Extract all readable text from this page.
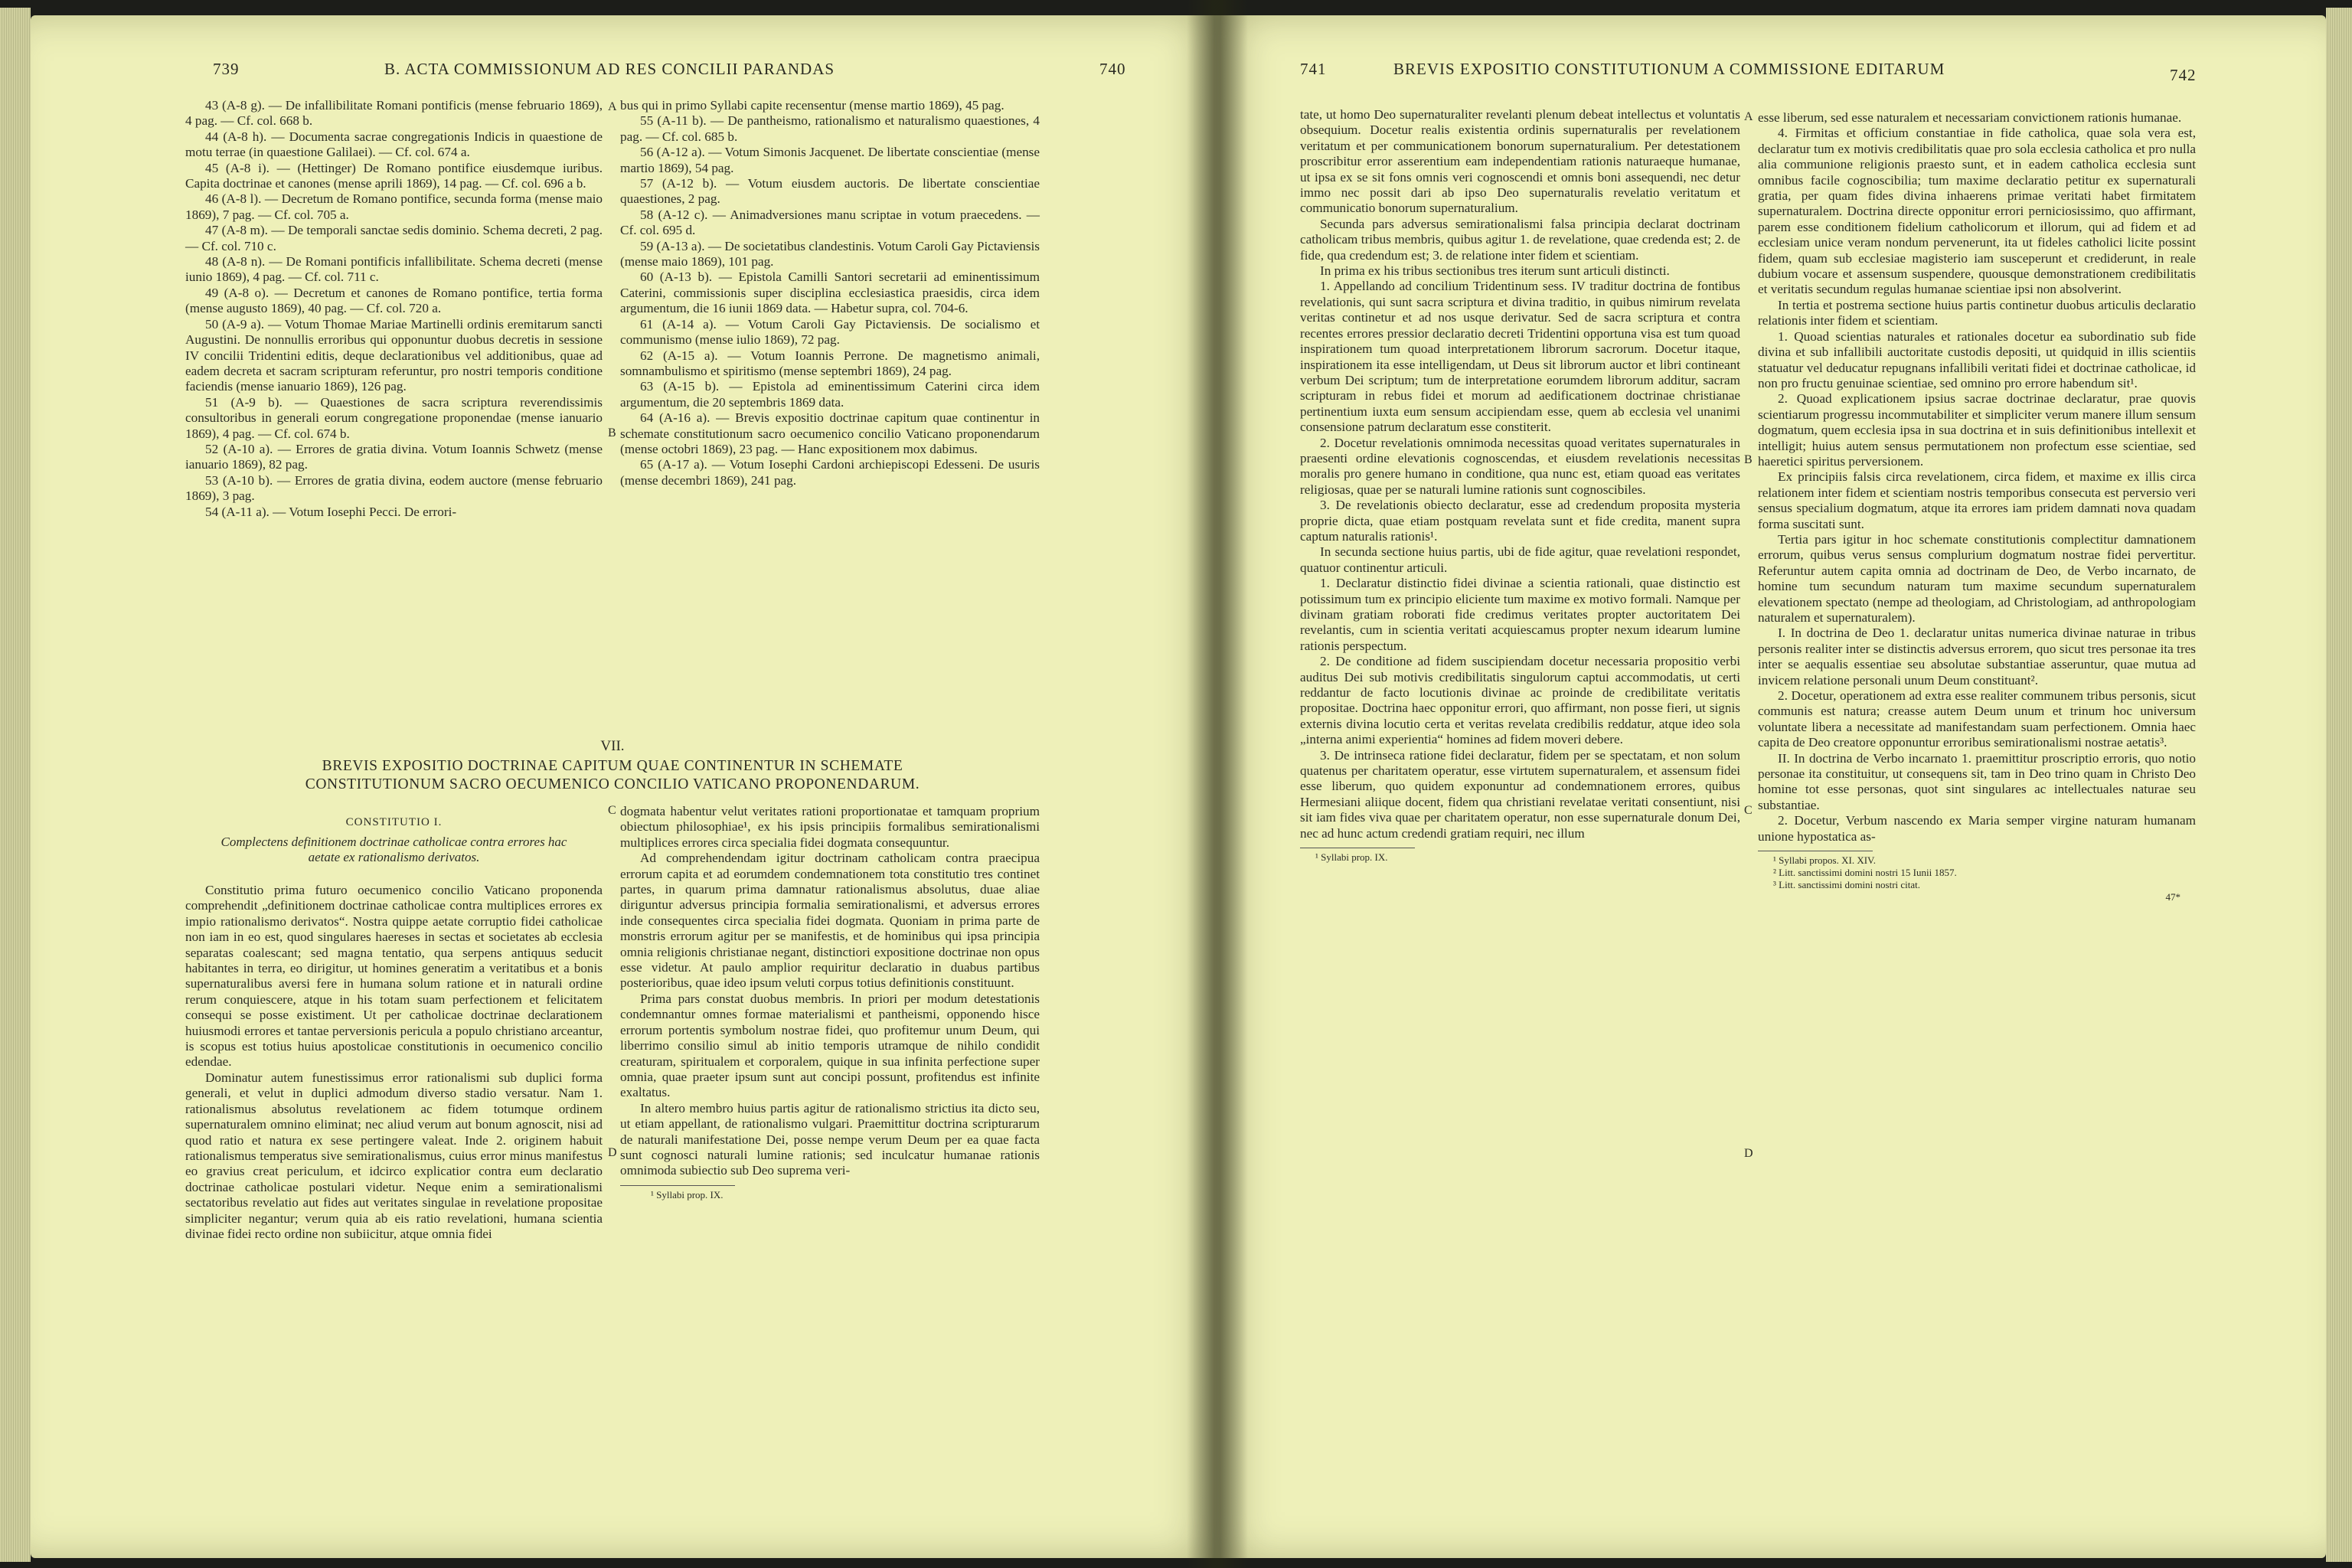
739	B. ACTA COMMISSIONUM AD RES CONCILII PARANDAS	740

43 (A-8 g). — De infallibilitate Romani pontificis (mense februario 1869), 4 pag. — Cf. col. 668 b.

44 (A-8 h). — Documenta sacrae congregationis Indicis in quaestione de motu terrae (in quaestione Galilaei). — Cf. col. 674 a.

45 (A-8 i). — (Hettinger) De Romano pontifice eiusdemque iuribus. Capita doctrinae et canones (mense aprili 1869), 14 pag. — Cf. col. 696 a b.

46 (A-8 l). — Decretum de Romano pontifice, secunda forma (mense maio 1869), 7 pag. — Cf. col. 705 a.

47 (A-8 m). — De temporali sanctae sedis dominio. Schema decreti, 2 pag. — Cf. col. 710 c.

48 (A-8 n). — De Romani pontificis infallibilitate. Schema decreti (mense iunio 1869), 4 pag. — Cf. col. 711 c.

49 (A-8 o). — Decretum et canones de Romano pontifice, tertia forma (mense augusto 1869), 40 pag. — Cf. col. 720 a.

50 (A-9 a). — Votum Thomae Mariae Martinelli ordinis eremitarum sancti Augustini. De nonnullis erroribus qui opponuntur duobus decretis in sessione IV concilii Tridentini editis, deque declarationibus vel additionibus, quae ad eadem decreta et sacram scripturam referuntur, pro nostri temporis conditione faciendis (mense ianuario 1869), 126 pag.

51 (A-9 b). — Quaestiones de sacra scriptura reverendissimis consultoribus in generali eorum congregatione proponendae (mense ianuario 1869), 4 pag. — Cf. col. 674 b.

52 (A-10 a). — Errores de gratia divina. Votum Ioannis Schwetz (mense ianuario 1869), 82 pag.

53 (A-10 b). — Errores de gratia divina, eodem auctore (mense februario 1869), 3 pag.

54 (A-11 a). — Votum Iosephi Pecci. De errori-

A
B

bus qui in primo Syllabi capite recensentur (mense martio 1869), 45 pag.

55 (A-11 b). — De pantheismo, rationalismo et naturalismo quaestiones, 4 pag. — Cf. col. 685 b.

56 (A-12 a). — Votum Simonis Jacquenet. De libertate conscientiae (mense martio 1869), 54 pag.

57 (A-12 b). — Votum eiusdem auctoris. De libertate conscientiae quaestiones, 2 pag.

58 (A-12 c). — Animadversiones manu scriptae in votum praecedens. — Cf. col. 695 d.

59 (A-13 a). — De societatibus clandestinis. Votum Caroli Gay Pictaviensis (mense maio 1869), 101 pag.

60 (A-13 b). — Epistola Camilli Santori secretarii ad eminentissimum Caterini, commissionis super disciplina ecclesiastica praesidis, circa idem argumentum, die 16 iunii 1869 data. — Habetur supra, col. 704-6.

61 (A-14 a). — Votum Caroli Gay Pictaviensis. De socialismo et communismo (mense iulio 1869), 72 pag.

62 (A-15 a). — Votum Ioannis Perrone. De magnetismo animali, somnambulismo et spiritismo (mense septembri 1869), 24 pag.

63 (A-15 b). — Epistola ad eminentissimum Caterini circa idem argumentum, die 20 septembris 1869 data.

64 (A-16 a). — Brevis expositio doctrinae capitum quae continentur in schemate constitutionum sacro oecumenico concilio Vaticano proponendarum (mense octobri 1869), 23 pag. — Hanc expositionem mox dabimus.

65 (A-17 a). — Votum Iosephi Cardoni archiepiscopi Edesseni. De usuris (mense decembri 1869), 241 pag.

VII.
BREVIS EXPOSITIO DOCTRINAE CAPITUM QUAE CONTINENTUR IN SCHEMATE
CONSTITUTIONUM SACRO OECUMENICO CONCILIO VATICANO PROPONENDARUM.
CONSTITUTIO I.
Complectens definitionem doctrinae catholicae contra errores hac aetate ex rationalismo derivatos.

Constitutio prima futuro oecumenico concilio Vaticano proponenda comprehendit „definitionem doctrinae catholicae contra multiplices errores ex impio rationalismo derivatos“. Nostra quippe aetate corruptio fidei catholicae non iam in eo est, quod singulares haereses in sectas et societates ab ecclesia separatas coalescant; sed magna tentatio, qua serpens antiquus seducit habitantes in terra, eo dirigitur, ut homines generatim a veritatibus et a bonis supernaturalibus aversi fere in humana solum ratione et in naturali ordine rerum conquiescere, atque in his totam suam perfectionem et felicitatem consequi se posse existiment. Ut per catholicae doctrinae declarationem huiusmodi errores et tantae perversionis pericula a populo christiano arceantur, is scopus est totius huius apostolicae constitutionis in oecumenico concilio edendae.

Dominatur autem funestissimus error rationalismi sub duplici forma generali, et velut in duplici admodum diverso stadio versatur. Nam 1. rationalismus absolutus revelationem ac fidem totumque ordinem supernaturalem omnino eliminat; nec aliud verum aut bonum agnoscit, nisi ad quod ratio et natura ex sese pertingere valeat. Inde 2. originem habuit rationalismus temperatus sive semirationalismus, cuius error minus manifestus eo gravius creat periculum, et idcirco explicatior contra eum declaratio doctrinae catholicae postulari videtur. Neque enim a semirationalismi sectatoribus revelatio aut fides aut veritates singulae in revelatione propositae simpliciter negantur; verum quia ab eis ratio revelationi, humana scientia divinae fidei recto ordine non subiicitur, atque omnia fidei

C
D

dogmata habentur velut veritates rationi proportionatae et tamquam proprium obiectum philosophiae¹, ex his ipsis principiis formalibus semirationalismi multiplices errores circa specialia fidei dogmata consequuntur.

Ad comprehendendam igitur doctrinam catholicam contra praecipua errorum capita et ad eorumdem condemnationem tota constitutio tres continet partes, in quarum prima damnatur rationalismus absolutus, duae aliae diriguntur adversus principia formalia semirationalismi, et adversus errores inde consequentes circa specialia fidei dogmata. Quoniam in prima parte de monstris errorum agitur per se manifestis, et de hominibus qui ipsa principia omnia religionis christianae negant, distinctiori expositione doctrinae non opus esse videtur. At paulo amplior requiritur declaratio in duabus partibus posterioribus, quae ideo ipsum veluti corpus totius definitionis constituunt.

Prima pars constat duobus membris. In priori per modum detestationis condemnantur omnes formae materialismi et pantheismi, opponendo hisce errorum portentis symbolum nostrae fidei, quo profitemur unum Deum, qui liberrimo consilio simul ab initio temporis utramque de nihilo condidit creaturam, spiritualem et corporalem, quique in sua infinita perfectione super omnia, quae praeter ipsum sunt aut concipi possunt, profitendus est infinite exaltatus.

In altero membro huius partis agitur de rationalismo strictius ita dicto seu, ut etiam appellant, de rationalismo vulgari. Praemittitur doctrina scripturarum de naturali manifestatione Dei, posse nempe verum Deum per ea quae facta sunt cognosci naturali lumine rationis; sed inculcatur humanae rationis omnimoda subiectio sub Deo suprema veri-

¹ Syllabi prop. IX.
741	BREVIS EXPOSITIO CONSTITUTIONUM A COMMISSIONE EDITARUM	742

tate, ut homo Deo supernaturaliter revelanti plenum debeat intellectus et voluntatis obsequium. Docetur realis existentia ordinis supernaturalis per revelationem veritatum et per communicationem bonorum supernaturalium. Per detestationem proscribitur error asserentium eam independentiam rationis naturaeque humanae, ut ipsa ex se sit fons omnis veri cognoscendi et omnis boni assequendi, nec detur immo nec possit dari ab ipso Deo supernaturalis revelatio veritatum et communicatio bonorum supernaturalium.

Secunda pars adversus semirationalismi falsa principia declarat doctrinam catholicam tribus membris, quibus agitur 1. de revelatione, quae credenda est; 2. de fide, qua credendum est; 3. de relatione inter fidem et scientiam.

In prima ex his tribus sectionibus tres iterum sunt articuli distincti.

1. Appellando ad concilium Tridentinum sess. IV traditur doctrina de fontibus revelationis, qui sunt sacra scriptura et divina traditio, in quibus nimirum revelata veritas continetur et ad nos usque derivatur. Sed de sacra scriptura et contra recentes errores pressior declaratio decreti Tridentini opportuna visa est tum quoad inspirationem tum quoad interpretationem librorum sacrorum. Docetur itaque, inspirationem ita esse intelligendam, ut Deus sit librorum auctor et libri contineant verbum Dei scriptum; tum de interpretatione eorumdem librorum additur, sacram scripturam in rebus fidei et morum ad aedificationem doctrinae christianae pertinentium iuxta eum sensum accipiendam esse, quem ab ecclesia vel unanimi consensione patrum declaratum esse constiterit.

2. Docetur revelationis omnimoda necessitas quoad veritates supernaturales in praesenti ordine elevationis cognoscendas, et eiusdem revelationis necessitas moralis pro genere humano in conditione, qua nunc est, etiam quoad eas veritates religiosas, quae per se naturali lumine rationis sunt cognoscibiles.

3. De revelationis obiecto declaratur, esse ad credendum proposita mysteria proprie dicta, quae etiam postquam revelata sunt et fide credita, manent supra captum naturalis rationis¹.

In secunda sectione huius partis, ubi de fide agitur, quae revelationi respondet, quatuor continentur articuli.

1. Declaratur distinctio fidei divinae a scientia rationali, quae distinctio est potissimum tum ex principio eliciente tum maxime ex motivo formali. Namque per divinam gratiam roborati fide credimus veritates propter auctoritatem Dei revelantis, cum in scientia veritati acquiescamus propter nexum idearum lumine rationis perspectum.

2. De conditione ad fidem suscipiendam docetur necessaria propositio verbi auditus Dei sub motivis credibilitatis singulorum captui accommodatis, ut certi reddantur de facto locutionis divinae ac proinde de credibilitate veritatis propositae. Doctrina haec opponitur errori, quo affirmant, non posse fieri, ut signis externis divina locutio certa et veritas revelata credibilis reddatur, atque ideo sola „interna animi experientia“ homines ad fidem moveri debere.

3. De intrinseca ratione fidei declaratur, fidem per se spectatam, et non solum quatenus per charitatem operatur, esse virtutem supernaturalem, et assensum fidei esse liberum, quo quidem exponuntur ad condemnationem errores, quibus Hermesiani aliique docent, fidem qua christiani revelatae veritati consentiunt, nisi sit iam fides viva quae per charitatem operatur, non esse supernaturale donum Dei, nec ad hunc actum credendi gratiam requiri, nec illum

¹ Syllabi prop. IX.
A
B
C
D

esse liberum, sed esse naturalem et necessariam convictionem rationis humanae.

4. Firmitas et officium constantiae in fide catholica, quae sola vera est, declaratur tum ex motivis credibilitatis quae pro sola ecclesia catholica et pro nulla alia communione religionis praesto sunt, et in eadem catholica ecclesia sunt omnibus facile cognoscibilia; tum maxime declaratio petitur ex supernaturali gratia, per quam fides divina inhaerens primae veritati habet firmitatem supernaturalem. Doctrina directe opponitur errori perniciosissimo, quo affirmant, parem esse conditionem fidelium catholicorum et illorum, qui ad fidem et ad ecclesiam unice veram nondum pervenerunt, ita ut fideles catholici licite possint fidem, quam sub ecclesiae magisterio iam susceperunt et crediderunt, in reale dubium vocare et assensum suspendere, quousque demonstrationem credibilitatis et veritatis secundum regulas humanae scientiae ipsi non absolverint.

In tertia et postrema sectione huius partis continetur duobus articulis declaratio relationis inter fidem et scientiam.

1. Quoad scientias naturales et rationales docetur ea subordinatio sub fide divina et sub infallibili auctoritate custodis depositi, ut quidquid in illis scientiis statuatur vel deducatur repugnans infallibili veritati fidei et doctrinae catholicae, id non pro fructu genuinae scientiae, sed omnino pro errore habendum sit¹.

2. Quoad explicationem ipsius sacrae doctrinae declaratur, prae quovis scientiarum progressu incommutabiliter et simpliciter verum manere illum sensum dogmatum, quem ecclesia ipsa in sua doctrina et in suis definitionibus intellexit et intelligit; huius autem sensus permutationem non profectum esse scientiae, sed haeretici spiritus perversionem.

Ex principiis falsis circa revelationem, circa fidem, et maxime ex illis circa relationem inter fidem et scientiam nostris temporibus consecuta est perversio veri sensus specialium dogmatum, atque ita errores iam pridem damnati nova quadam forma suscitati sunt.

Tertia pars igitur in hoc schemate constitutionis complectitur damnationem errorum, quibus verus sensus complurium dogmatum nostrae fidei pervertitur. Referuntur autem capita omnia ad doctrinam de Deo, de Verbo incarnato, de homine tum secundum naturam tum maxime secundum supernaturalem elevationem spectato (nempe ad theologiam, ad Christologiam, ad anthropologiam naturalem et supernaturalem).

I. In doctrina de Deo 1. declaratur unitas numerica divinae naturae in tribus personis realiter inter se distinctis adversus errorem, quo sicut tres personae ita tres inter se aequalis essentiae seu absolutae substantiae asseruntur, quae mutua ad invicem relatione personali unum Deum constituant².

2. Docetur, operationem ad extra esse realiter communem tribus personis, sicut communis est natura; creasse autem Deum unum et trinum hoc universum voluntate libera a necessitate ad manifestandam suam perfectionem. Omnia haec capita de Deo creatore opponuntur erroribus semirationalismi nostrae aetatis³.

II. In doctrina de Verbo incarnato 1. praemittitur proscriptio erroris, quo notio personae ita constituitur, ut consequens sit, tam in Deo trino quam in Christo Deo homine tot esse personas, quot sint singulares ac intellectuales naturae seu substantiae.

2. Docetur, Verbum nascendo ex Maria semper virgine naturam humanam unione hypostatica as-

¹ Syllabi propos. XI. XIV.
² Litt. sanctissimi domini nostri 15 Iunii 1857.
³ Litt. sanctissimi domini nostri citat.
47*
